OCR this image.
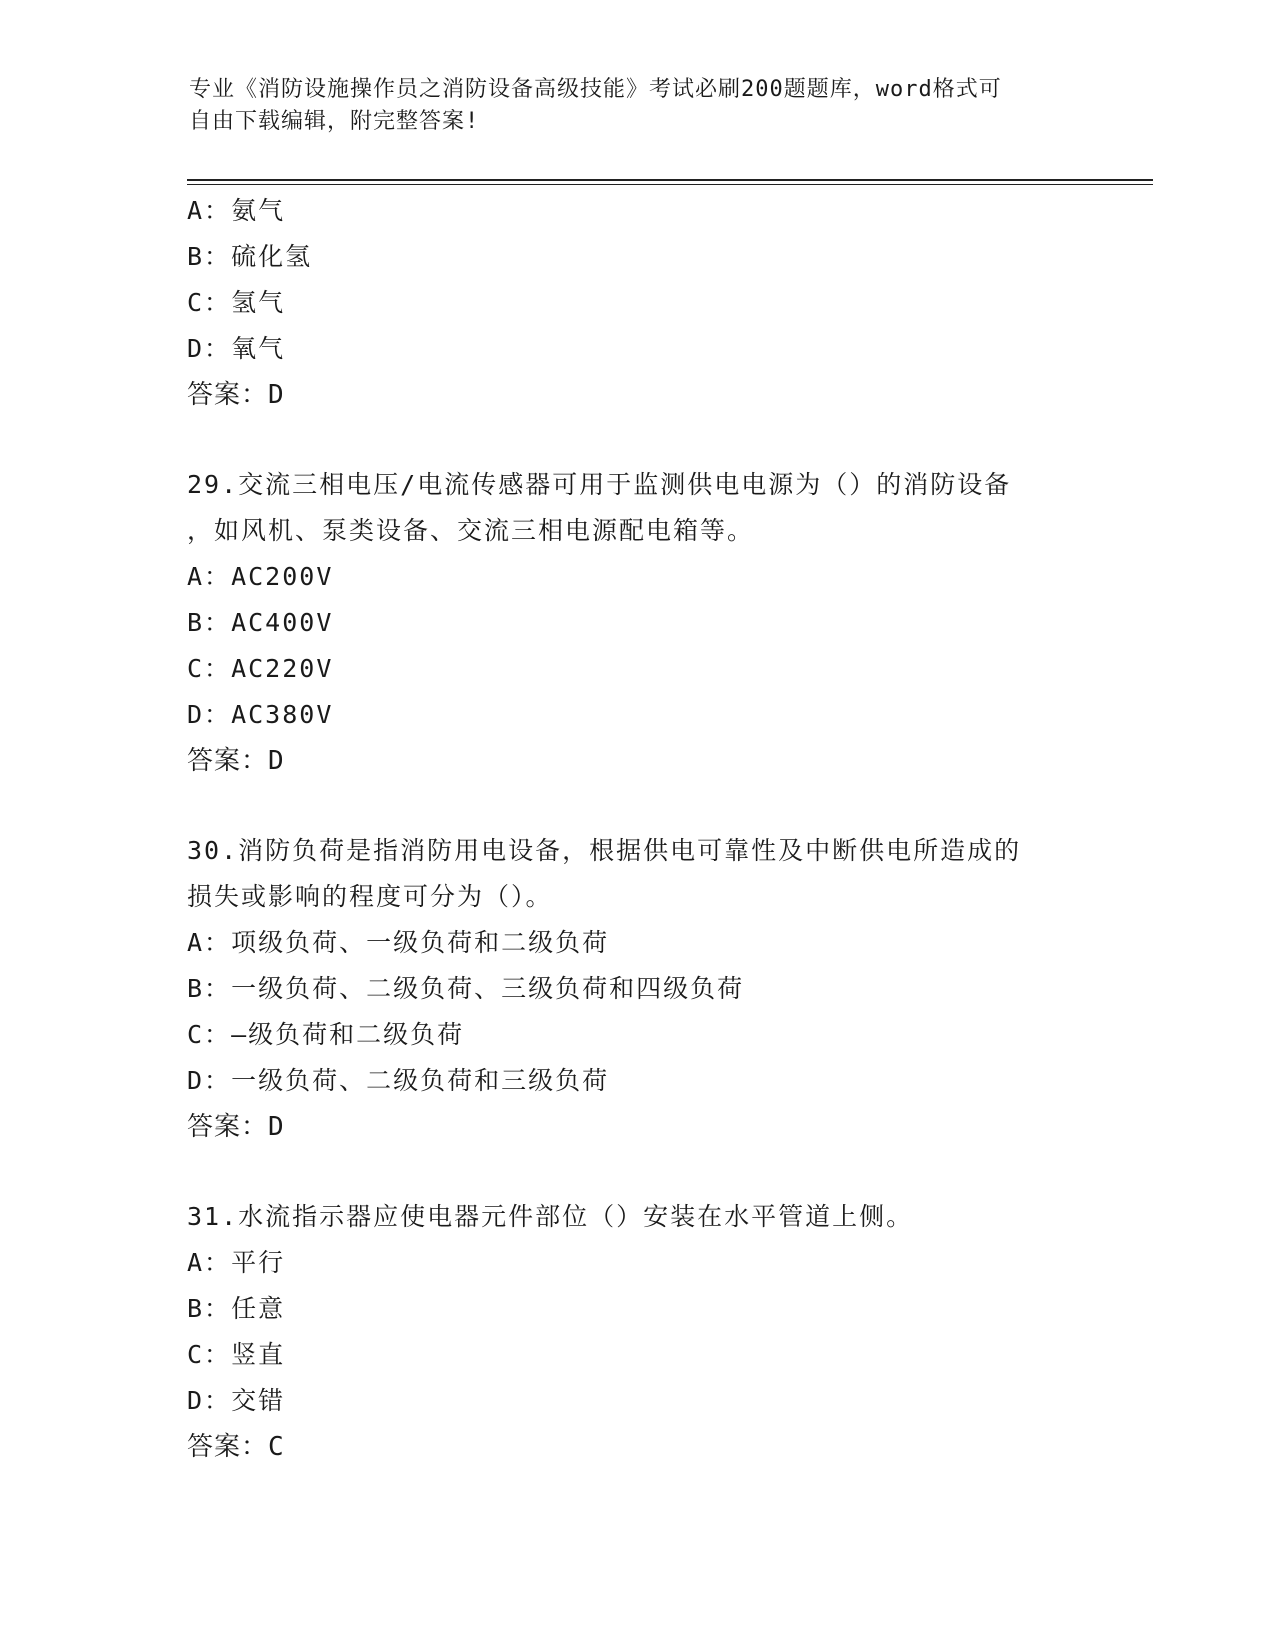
专业《消防设施操作员之消防设备高级技能》考试必刷200题题库，word格式可
自由下载编辑，附完整答案!
A：氨气
B：硫化氢
C：氢气
D：氧气
答案：D
29.交流三相电压/电流传感器可用于监测供电电源为（）的消防设备
，如风机、泵类设备、交流三相电源配电箱等。
A：AC200V
B：AC400V
C：AC220V
D：AC380V
答案：D
30.消防负荷是指消防用电设备，根据供电可靠性及中断供电所造成的
损失或影响的程度可分为（）。
A：项级负荷、一级负荷和二级负荷
B：一级负荷、二级负荷、三级负荷和四级负荷
C：—级负荷和二级负荷
D：一级负荷、二级负荷和三级负荷
答案：D
31.水流指示器应使电器元件部位（）安装在水平管道上侧。
A：平行
B：任意
C：竖直
D：交错
答案：C
